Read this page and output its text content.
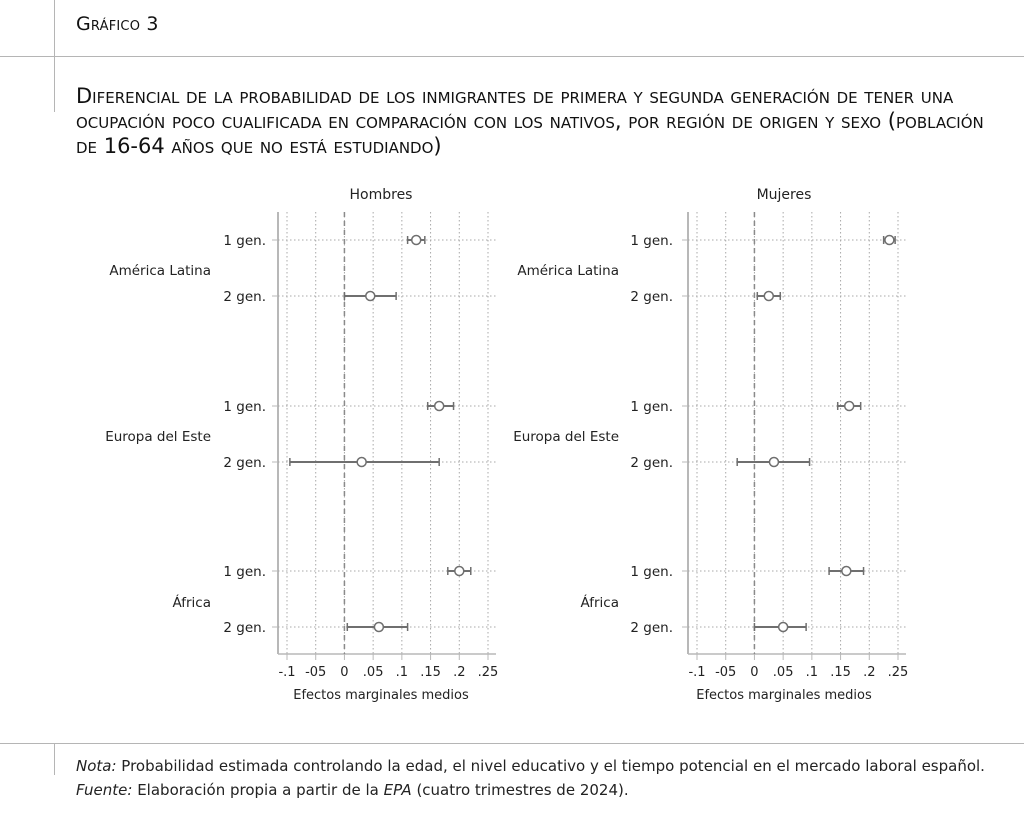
Gráfico 3
Diferencial de la probabilidad de los inmigrantes de primera y segunda generación de tener una ocupación poco cualificada en comparación con los nativos, por región de origen y sexo (población de 16-64 años que no está estudiando)
Hombres
-.1 -05 0 .05 .1 .15 .2 .25
Efectos marginales medios
América Latina
Europa del Este
África
1 gen.
2 gen.
1 gen.
2 gen.
1 gen.
2 gen.
Mujeres
-.1 -05 0 .05 .1 .15 .2 .25
Efectos marginales medios
América Latina
Europa del Este
África
1 gen.
2 gen.
1 gen.
2 gen.
1 gen.
2 gen.

Nota: Probabilidad estimada controlando la edad, el nivel educativo y el tiempo potencial en el mercado laboral español.

Fuente: Elaboración propia a partir de la EPA (cuatro trimestres de 2024).
